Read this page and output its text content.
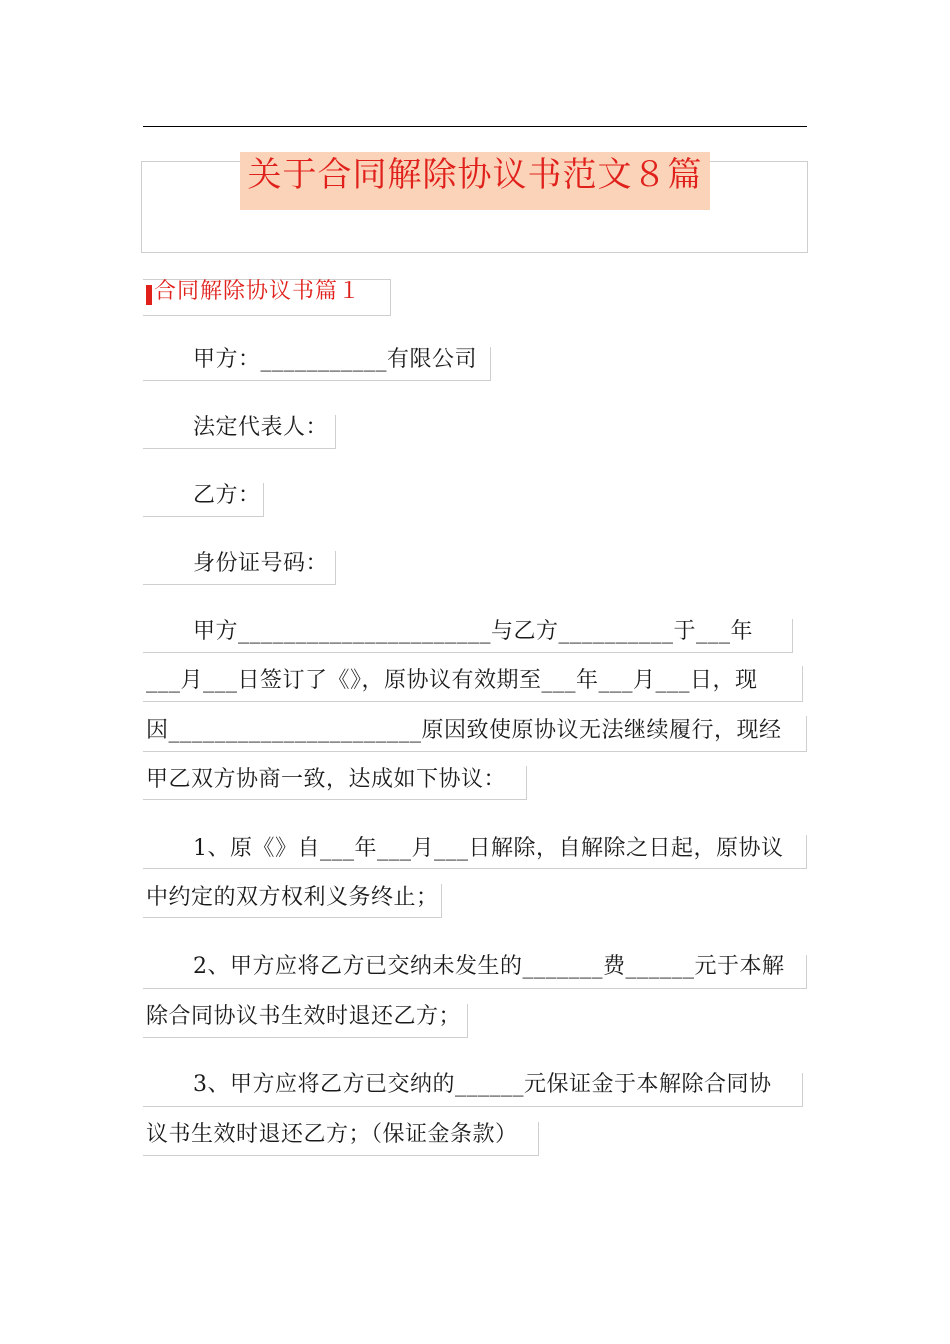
关于合同解除协议书范文８篇
合同解除协议书篇１
甲方：___________有限公司
法定代表人：
乙方：
身份证号码：
甲方______________________与乙方__________于___年
___月___日签订了《》，原协议有效期至___年___月___日，现
因______________________原因致使原协议无法继续履行，现经
甲乙双方协商一致，达成如下协议：
1、原《》自___年___月___日解除，自解除之日起，原协议
中约定的双方权利义务终止；
2、甲方应将乙方已交纳未发生的_______费______元于本解
除合同协议书生效时退还乙方；
3、甲方应将乙方已交纳的______元保证金于本解除合同协
议书生效时退还乙方；（保证金条款）
